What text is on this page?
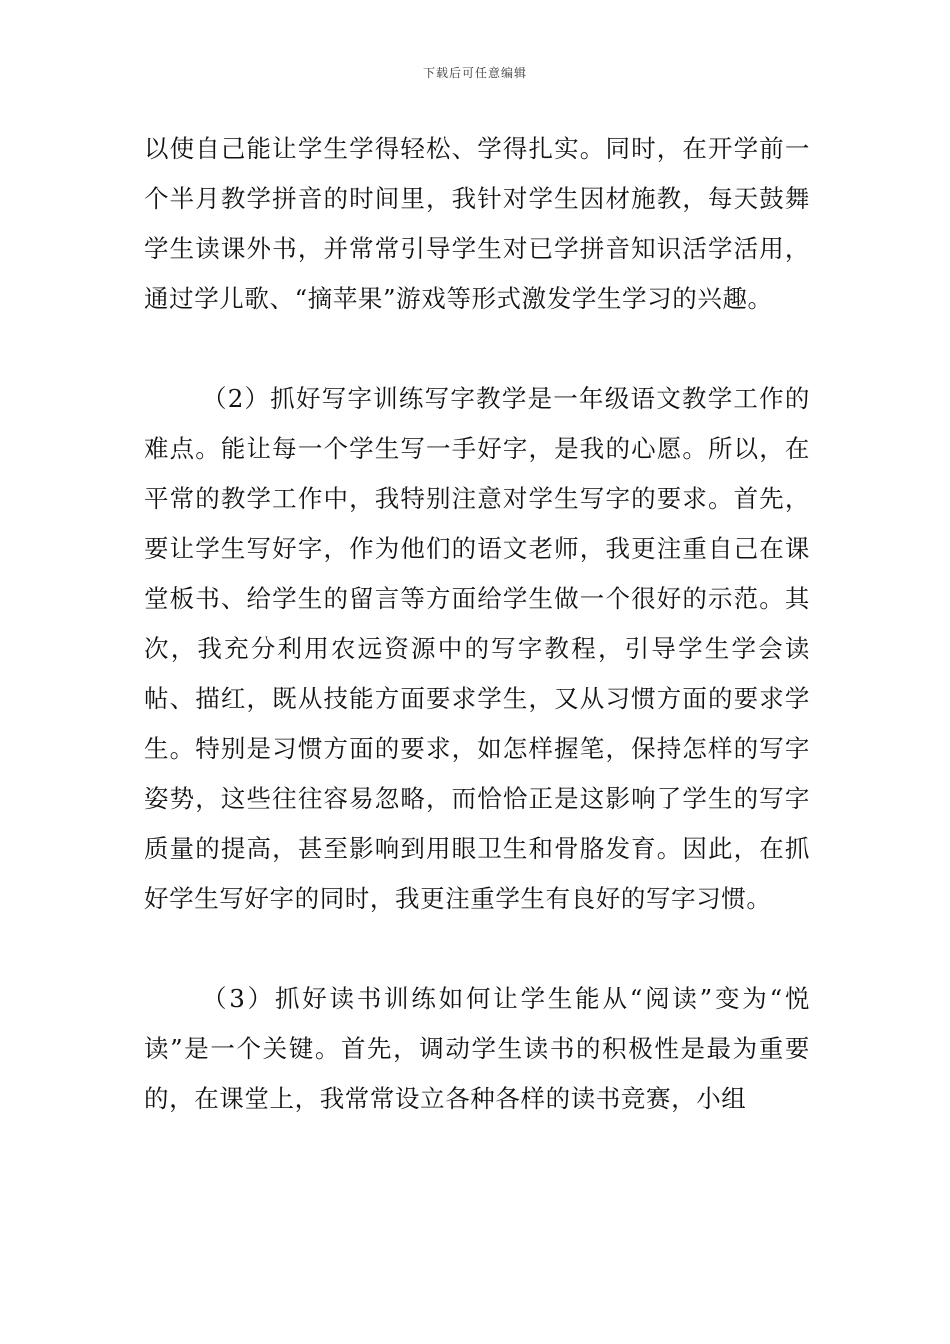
下载后可任意编辑

以使自己能让学生学得轻松、学得扎实。同时，在开学前一个半月教学拼音的时间里，我针对学生因材施教，每天鼓舞学生读课外书，并常常引导学生对已学拼音知识活学活用，通过学儿歌、“摘苹果”游戏等形式激发学生学习的兴趣。

（2）抓好写字训练写字教学是一年级语文教学工作的难点。能让每一个学生写一手好字，是我的心愿。所以，在平常的教学工作中，我特别注意对学生写字的要求。首先，要让学生写好字，作为他们的语文老师，我更注重自己在课堂板书、给学生的留言等方面给学生做一个很好的示范。其次，我充分利用农远资源中的写字教程，引导学生学会读帖、描红，既从技能方面要求学生，又从习惯方面的要求学生。特别是习惯方面的要求，如怎样握笔，保持怎样的写字姿势，这些往往容易忽略，而恰恰正是这影响了学生的写字质量的提高，甚至影响到用眼卫生和骨胳发育。因此，在抓好学生写好字的同时，我更注重学生有良好的写字习惯。

（3）抓好读书训练如何让学生能从“阅读”变为“悦读”是一个关键。首先，调动学生读书的积极性是最为重要的，在课堂上，我常常设立各种各样的读书竞赛，小组
